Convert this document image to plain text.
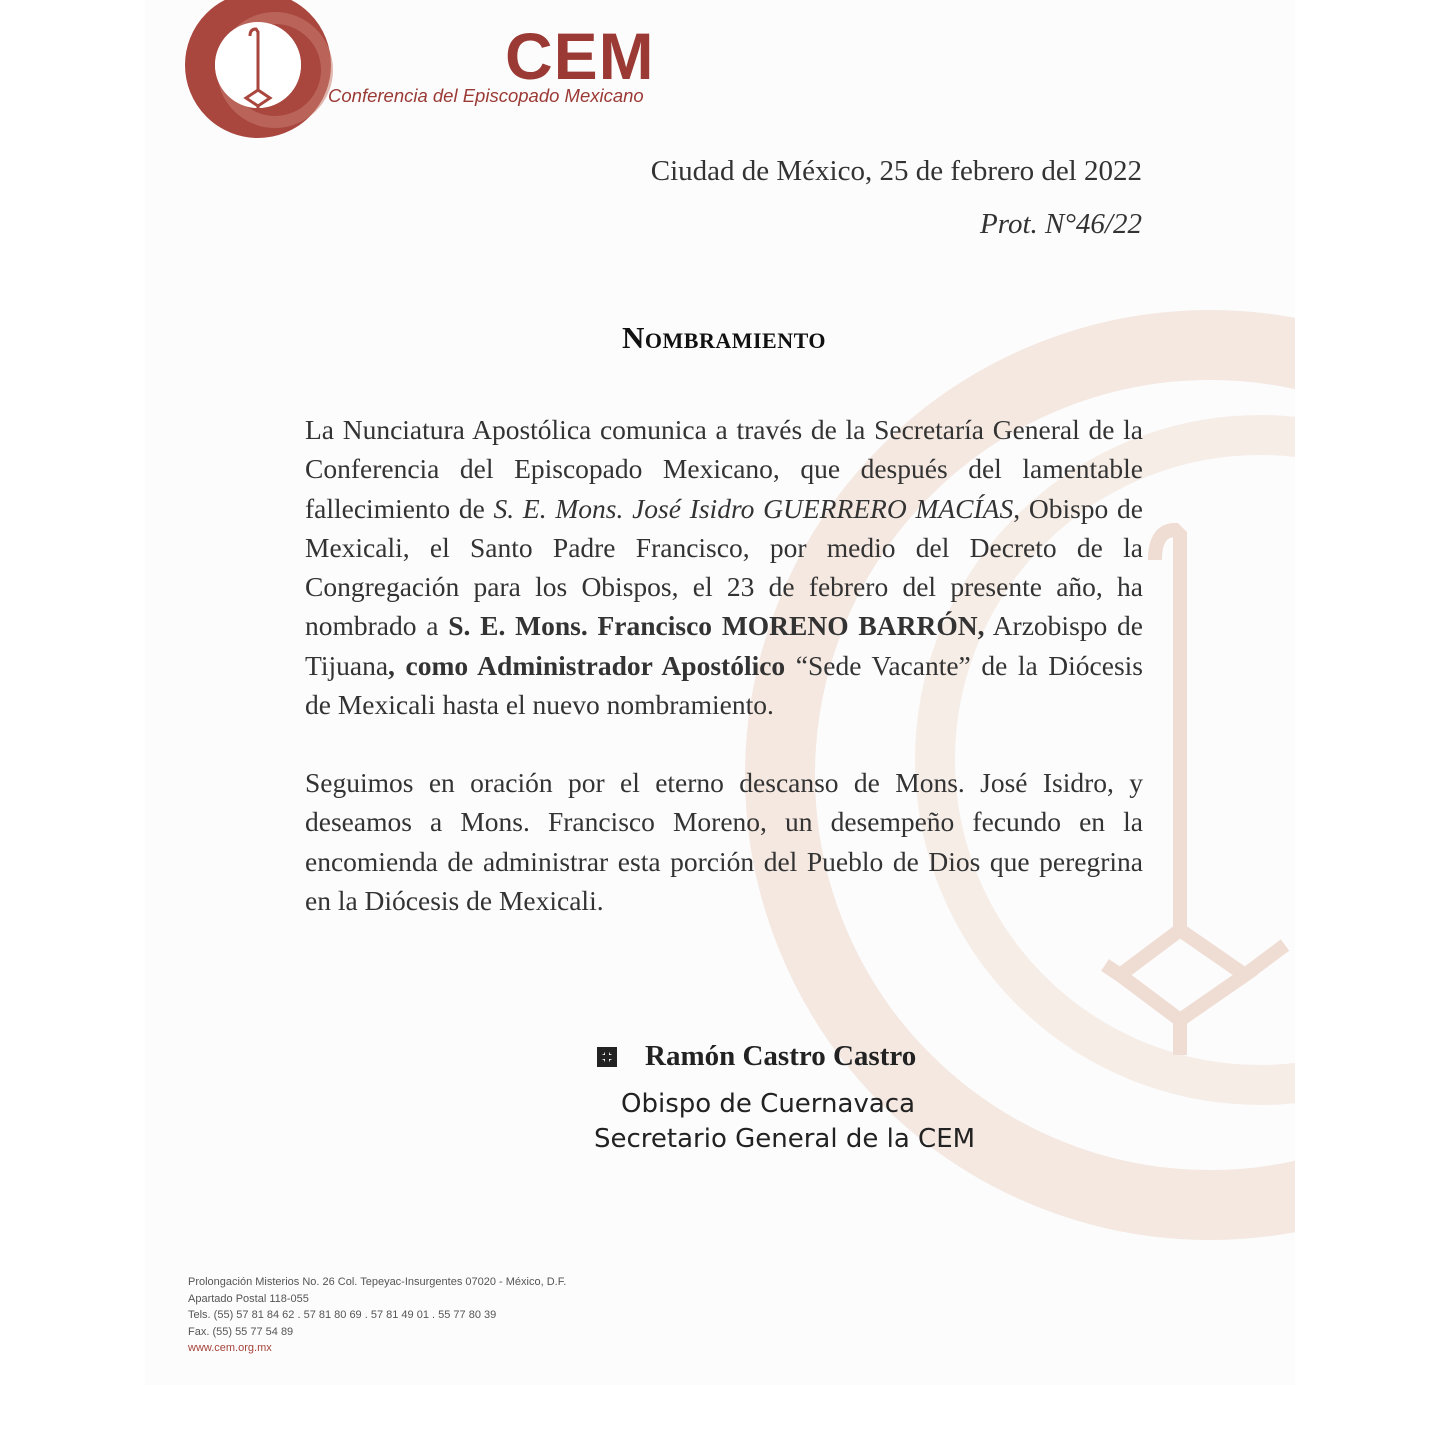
CEM
Conferencia del Episcopado Mexicano
Ciudad de México, 25 de febrero del 2022
Prot. N°46/22
Nombramiento

La Nunciatura Apostólica comunica a través de la Secretaría General de la Conferencia del Episcopado Mexicano, que después del lamentable fallecimiento de S. E. Mons. José Isidro GUERRERO MACÍAS, Obispo de Mexicali, el Santo Padre Francisco, por medio del Decreto de la Congregación para los Obispos, el 23 de febrero del presente año, ha nombrado a S. E. Mons. Francisco MORENO BARRÓN, Arzobispo de Tijuana, como Administrador Apostólico “Sede Vacante” de la Diócesis de Mexicali hasta el nuevo nombramiento.

Seguimos en oración por el eterno descanso de Mons. José Isidro, y deseamos a Mons. Francisco Moreno, un desempeño fecundo en la encomienda de administrar esta porción del Pueblo de Dios que peregrina en la Diócesis de Mexicali.

Ramón Castro Castro
Obispo de Cuernavaca
Secretario General de la CEM
Prolongación Misterios No. 26 Col. Tepeyac-Insurgentes 07020 - México, D.F.
Apartado Postal 118-055
Tels. (55) 57 81 84 62 . 57 81 80 69 . 57 81 49 01 . 55 77 80 39
Fax. (55) 55 77 54 89
www.cem.org.mx
